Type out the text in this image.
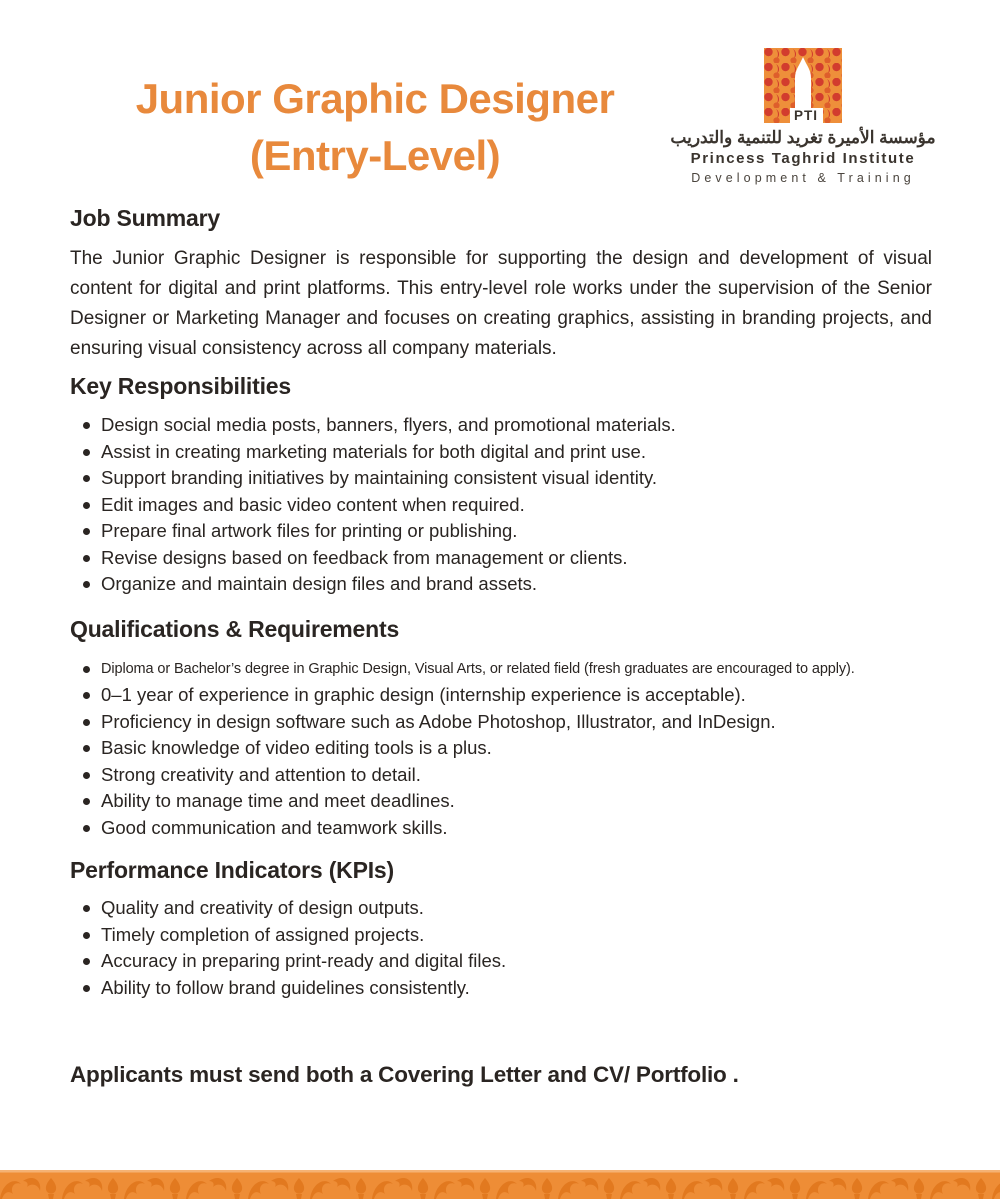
Junior Graphic Designer
(Entry-Level)
PTI
مؤسسة الأميرة تغريد للتنمية والتدريب
Princess Taghrid Institute
Development & Training
Job Summary

The Junior Graphic Designer is responsible for supporting the design and development of visual content for digital and print platforms. This entry-level role works under the supervision of the Senior Designer or Marketing Manager and focuses on creating graphics, assisting in branding projects, and ensuring visual consistency across all company materials.

Key Responsibilities
Design social media posts, banners, flyers, and promotional materials.
Assist in creating marketing materials for both digital and print use.
Support branding initiatives by maintaining consistent visual identity.
Edit images and basic video content when required.
Prepare final artwork files for printing or publishing.
Revise designs based on feedback from management or clients.
Organize and maintain design files and brand assets.
Qualifications & Requirements
Diploma or Bachelor’s degree in Graphic Design, Visual Arts, or related field (fresh graduates are encouraged to apply).
0–1 year of experience in graphic design (internship experience is acceptable).
Proficiency in design software such as Adobe Photoshop, Illustrator, and InDesign.
Basic knowledge of video editing tools is a plus.
Strong creativity and attention to detail.
Ability to manage time and meet deadlines.
Good communication and teamwork skills.
Performance Indicators (KPIs)
Quality and creativity of design outputs.
Timely completion of assigned projects.
Accuracy in preparing print-ready and digital files.
Ability to follow brand guidelines consistently.
Applicants must send both a Covering Letter and CV/ Portfolio .
